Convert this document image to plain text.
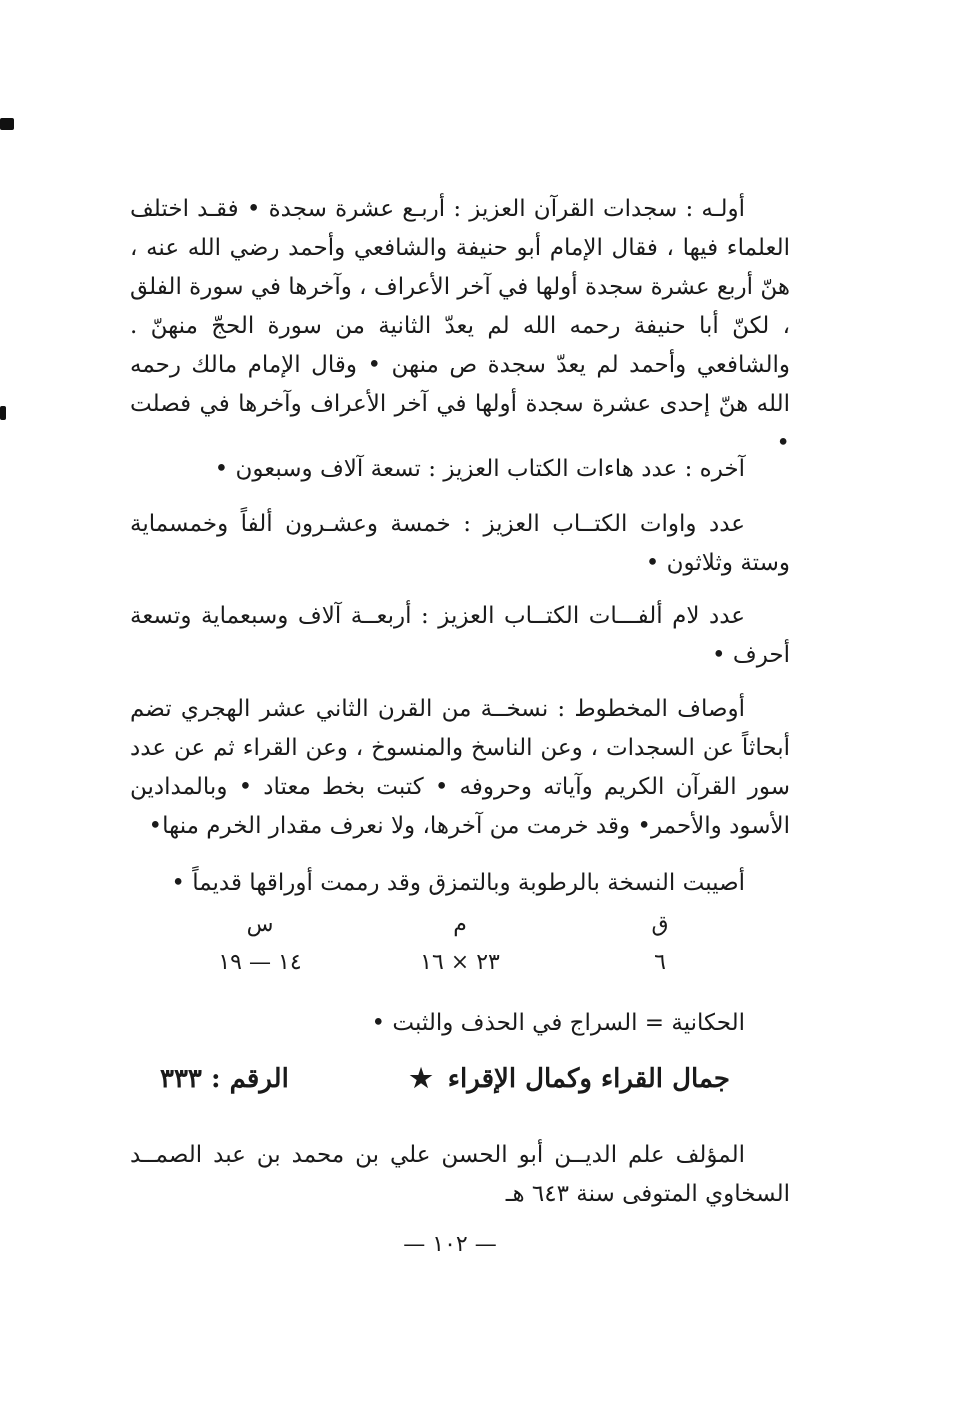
أولـه : سجدات القرآن العزيز : أربـع عشرة سجدة • فقـد اختلف العلماء فيها ، فقال الإمام أبو حنيفة والشافعي وأحمد رضي الله عنه ، هنّ أربع عشرة سجدة أولها في آخر الأعراف ، وآخرها في سورة الفلق ، لكنّ أبا حنيفة رحمه الله لم يعدّ الثانية من سورة الحجّ منهنّ . والشافعي وأحمد لم يعدّ سجدة ص منهن • وقال الإمام مالك رحمه الله هنّ إحدى عشرة سجدة أولها في آخر الأعراف وآخرها في فصلت •

آخره : عدد هاءات الكتاب العزيز : تسعة آلاف وسبعون •

عدد واوات الكتــاب العزيز : خمسة وعشـرون ألفاً وخمسماية وستة وثلاثون •

عدد لام ألفـــات الكتــاب العزيز : أربعــة آلاف وسبعماية وتسعة أحرف •

أوصاف المخطوط : نسخــة من القرن الثاني عشر الهجري تضم أبحاثاً عن السجدات ، وعن الناسخ والمنسوخ ، وعن القراء ثم عن عدد سور القرآن الكريم وآياته وحروفه • كتبت بخط معتاد • وبالمدادين الأسود والأحمر• وقد خرمت من آخرها، ولا نعرف مقدار الخرم منها•

أصيبت النسخة بالرطوبة وبالتمزق وقد رممت أوراقها قديماً •

ق
٦
م
٢٣ × ١٦
س
١٤ — ١٩

الحكانية = السراج في الحذف والثبت •

جمال القراء وكمال الإقراء ★
الرقم : ٣٣٣

المؤلف علم الديــن أبو الحسن علي بن محمد بن عبد الصمــد السخاوي المتوفى سنة ٦٤٣ هـ

— ١٠٢ —
